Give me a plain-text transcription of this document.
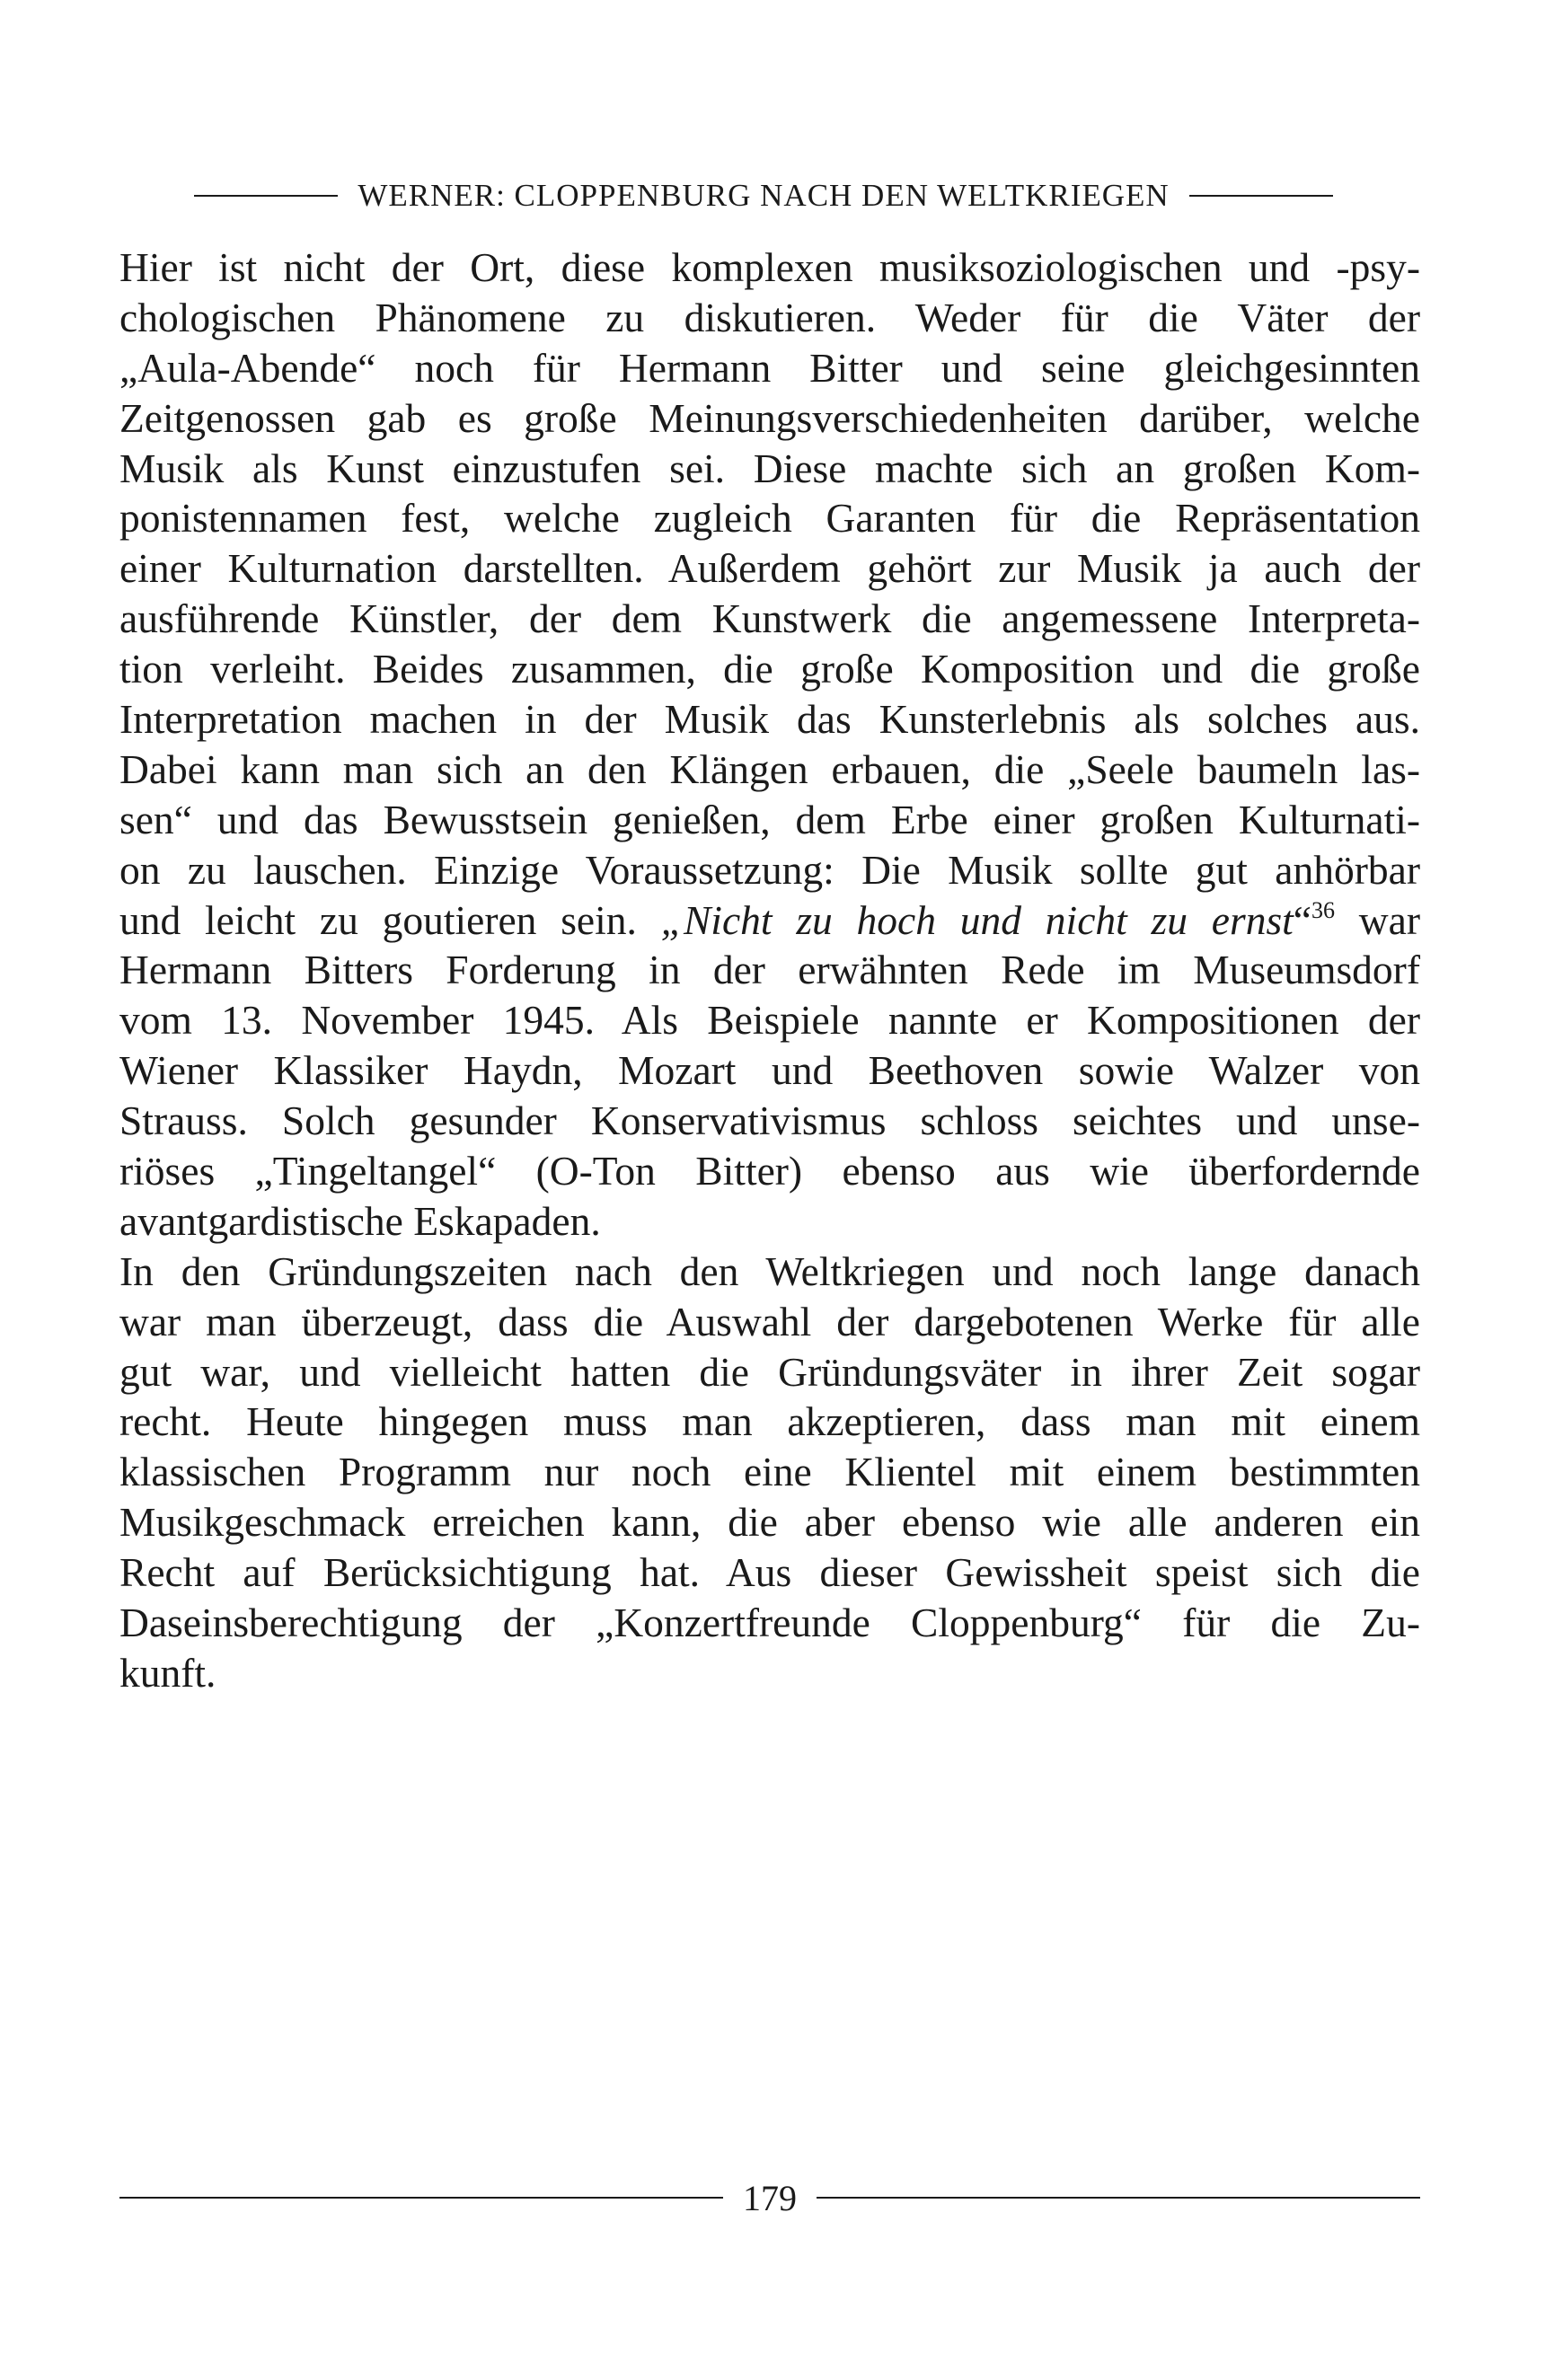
WERNER: CLOPPENBURG NACH DEN WELTKRIEGEN
Hier ist nicht der Ort, diese komplexen musiksoziologischen und -psy-
chologischen Phänomene zu diskutieren. Weder für die Väter der
„Aula-Abende“ noch für Hermann Bitter und seine gleichgesinnten
Zeitgenossen gab es große Meinungsverschiedenheiten darüber, welche
Musik als Kunst einzustufen sei. Diese machte sich an großen Kom-
ponistennamen fest, welche zugleich Garanten für die Repräsentation
einer Kulturnation darstellten. Außerdem gehört zur Musik ja auch der
ausführende Künstler, der dem Kunstwerk die angemessene Interpreta-
tion verleiht. Beides zusammen, die große Komposition und die große
Interpretation machen in der Musik das Kunsterlebnis als solches aus.
Dabei kann man sich an den Klängen erbauen, die „Seele baumeln las-
sen“ und das Bewusstsein genießen, dem Erbe einer großen Kulturnati-
on zu lauschen. Einzige Voraussetzung: Die Musik sollte gut anhörbar
und leicht zu goutieren sein. „Nicht zu hoch und nicht zu ernst“$^{36}$ war
Hermann Bitters Forderung in der erwähnten Rede im Museumsdorf
vom 13. November 1945. Als Beispiele nannte er Kompositionen der
Wiener Klassiker Haydn, Mozart und Beethoven sowie Walzer von
Strauss. Solch gesunder Konservativismus schloss seichtes und unse-
riöses „Tingeltangel“ (O-Ton Bitter) ebenso aus wie überfordernde
avantgardistische Eskapaden.
In den Gründungszeiten nach den Weltkriegen und noch lange danach
war man überzeugt, dass die Auswahl der dargebotenen Werke für alle
gut war, und vielleicht hatten die Gründungsväter in ihrer Zeit sogar
recht. Heute hingegen muss man akzeptieren, dass man mit einem
klassischen Programm nur noch eine Klientel mit einem bestimmten
Musikgeschmack erreichen kann, die aber ebenso wie alle anderen ein
Recht auf Berücksichtigung hat. Aus dieser Gewissheit speist sich die
Daseinsberechtigung der „Konzertfreunde Cloppenburg“ für die Zu-
kunft.
179
